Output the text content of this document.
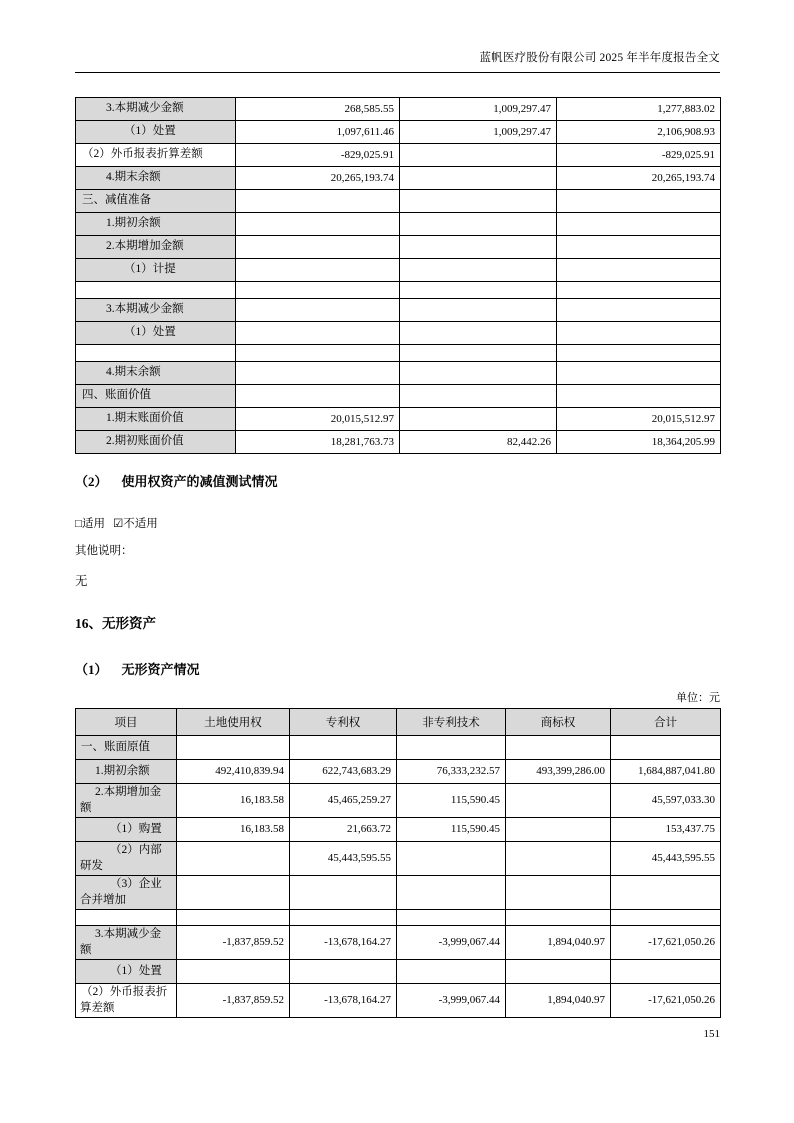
蓝帆医疗股份有限公司 2025 年半年度报告全文
3.本期减少金额	268,585.55	1,009,297.47	1,277,883.02
（1）处置	1,097,611.46	1,009,297.47	2,106,908.93
（2）外币报表折算差额	-829,025.91		-829,025.91
4.期末余额	20,265,193.74		20,265,193.74
三、减值准备			
1.期初余额			
2.本期增加金额			
（1）计提			

3.本期减少金额			
（1）处置			

4.期末余额			
四、账面价值			
1.期末账面价值	20,015,512.97		20,015,512.97
2.期初账面价值	18,281,763.73	82,442.26	18,364,205.99
（2） 使用权资产的减值测试情况
□适用 ☑不适用
其他说明：
无
16、无形资产
（1） 无形资产情况
单位：元
项目	土地使用权	专利权	非专利技术	商标权	合计
一、账面原值					
1.期初余额	492,410,839.94	622,743,683.29	76,333,232.57	493,399,286.00	1,684,887,041.80
2.本期增加金额	16,183.58	45,465,259.27	115,590.45		45,597,033.30
（1）购置	16,183.58	21,663.72	115,590.45		153,437.75
（2）内部研发		45,443,595.55			45,443,595.55
（3）企业合并增加					

3.本期减少金额	-1,837,859.52	-13,678,164.27	-3,999,067.44	1,894,040.97	-17,621,050.26
（1）处置					
（2）外币报表折算差额	-1,837,859.52	-13,678,164.27	-3,999,067.44	1,894,040.97	-17,621,050.26
151
